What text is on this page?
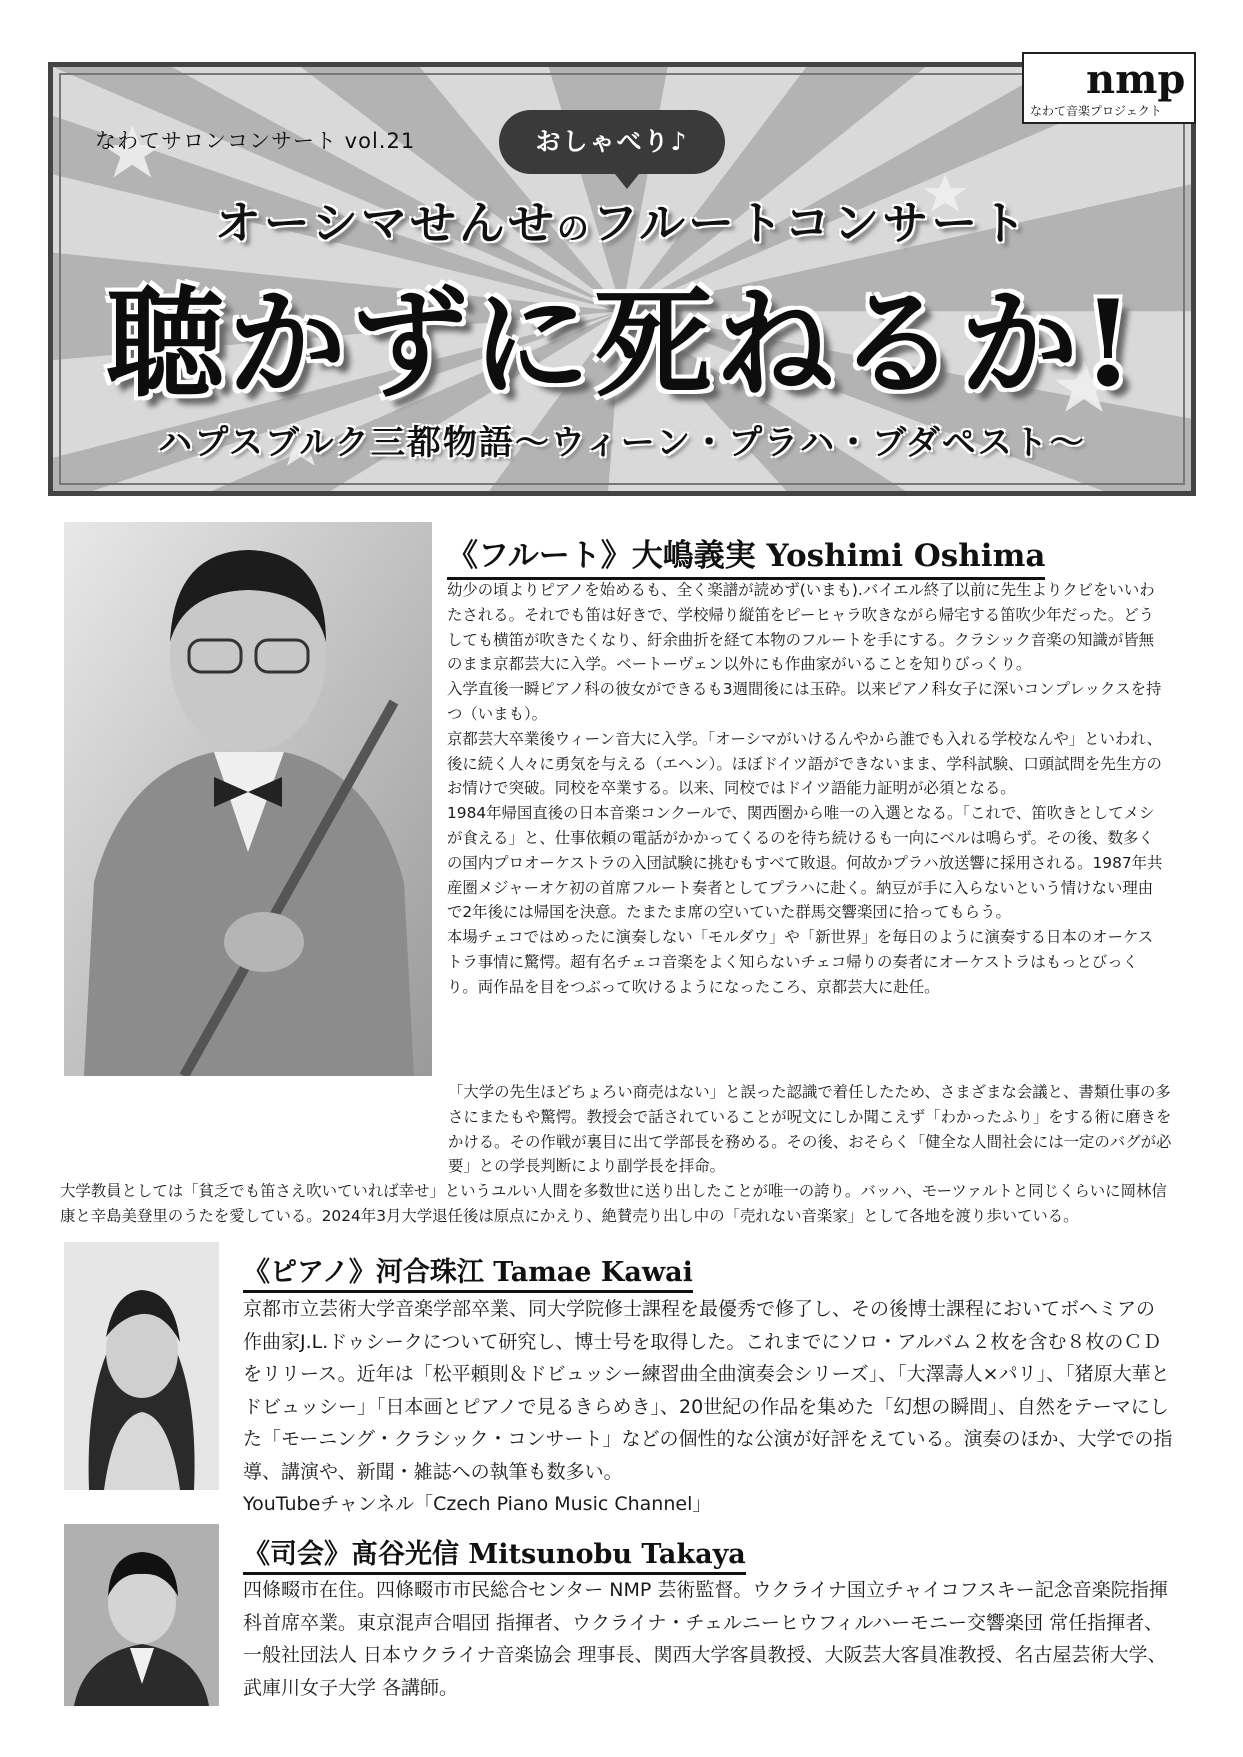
なわてサロンコンサート vol.21	おしゃべり♪
オーシマせんせのフルートコンサート
聴かずに死ねるか!
ハプスブルク三都物語〜ウィーン・プラハ・ブダペスト〜
nmp
なわて音楽プロジェクト
《フルート》大嶋義実 Yoshimi Oshima

幼少の頃よりピアノを始めるも、全く楽譜が読めず(いまも).バイエル終了以前に先生よりクビをいいわたされる。それでも笛は好きで、学校帰り縦笛をピーヒャラ吹きながら帰宅する笛吹少年だった。どうしても横笛が吹きたくなり、紆余曲折を経て本物のフルートを手にする。クラシック音楽の知識が皆無のまま京都芸大に入学。ベートーヴェン以外にも作曲家がいることを知りびっくり。

入学直後一瞬ピアノ科の彼女ができるも3週間後には玉砕。以来ピアノ科女子に深いコンプレックスを持つ（いまも）。

京都芸大卒業後ウィーン音大に入学。「オーシマがいけるんやから誰でも入れる学校なんや」といわれ、後に続く人々に勇気を与える（エヘン）。ほぼドイツ語ができないまま、学科試験、口頭試問を先生方のお情けで突破。同校を卒業する。以来、同校ではドイツ語能力証明が必須となる。

1984年帰国直後の日本音楽コンクールで、関西圏から唯一の入選となる。「これで、笛吹きとしてメシが食える」と、仕事依頼の電話がかかってくるのを待ち続けるも一向にベルは鳴らず。その後、数多くの国内プロオーケストラの入団試験に挑むもすべて敗退。何故かプラハ放送響に採用される。1987年共産圏メジャーオケ初の首席フルート奏者としてプラハに赴く。納豆が手に入らないという情けない理由で2年後には帰国を決意。たまたま席の空いていた群馬交響楽団に拾ってもらう。

本場チェコではめったに演奏しない「モルダウ」や「新世界」を毎日のように演奏する日本のオーケストラ事情に驚愕。超有名チェコ音楽をよく知らないチェコ帰りの奏者にオーケストラはもっとびっくり。両作品を目をつぶって吹けるようになったころ、京都芸大に赴任。

「大学の先生ほどちょろい商売はない」と誤った認識で着任したため、さまざまな会議と、書類仕事の多さにまたもや驚愕。教授会で話されていることが呪文にしか聞こえず「わかったふり」をする術に磨きをかける。その作戦が裏目に出て学部長を務める。その後、おそらく「健全な人間社会には一定のバグが必要」との学長判断により副学長を拝命。

大学教員としては「貧乏でも笛さえ吹いていれば幸せ」というユルい人間を多数世に送り出したことが唯一の誇り。バッハ、モーツァルトと同じくらいに岡林信康と辛島美登里のうたを愛している。2024年3月大学退任後は原点にかえり、絶賛売り出し中の「売れない音楽家」として各地を渡り歩いている。

《ピアノ》河合珠江 Tamae Kawai

京都市立芸術大学音楽学部卒業、同大学院修士課程を最優秀で修了し、その後博士課程においてボヘミアの作曲家J.L.ドゥシークについて研究し、博士号を取得した。これまでにソロ・アルバム２枚を含む８枚のＣＤをリリース。近年は「松平頼則＆ドビュッシー練習曲全曲演奏会シリーズ」、「大澤壽人×パリ」、「猪原大華とドビュッシー」「日本画とピアノで見るきらめき」、20世紀の作品を集めた「幻想の瞬間」、自然をテーマにした「モーニング・クラシック・コンサート」などの個性的な公演が好評をえている。演奏のほか、大学での指導、講演や、新聞・雑誌への執筆も数多い。

YouTubeチャンネル「Czech Piano Music Channel」

《司会》髙谷光信 Mitsunobu Takaya

四條畷市在住。四條畷市市民総合センター NMP 芸術監督。ウクライナ国立チャイコフスキー記念音楽院指揮科首席卒業。東京混声合唱団 指揮者、ウクライナ・チェルニーヒウフィルハーモニー交響楽団 常任指揮者、一般社団法人 日本ウクライナ音楽協会 理事長、関西大学客員教授、大阪芸大客員准教授、名古屋芸術大学、武庫川女子大学 各講師。
